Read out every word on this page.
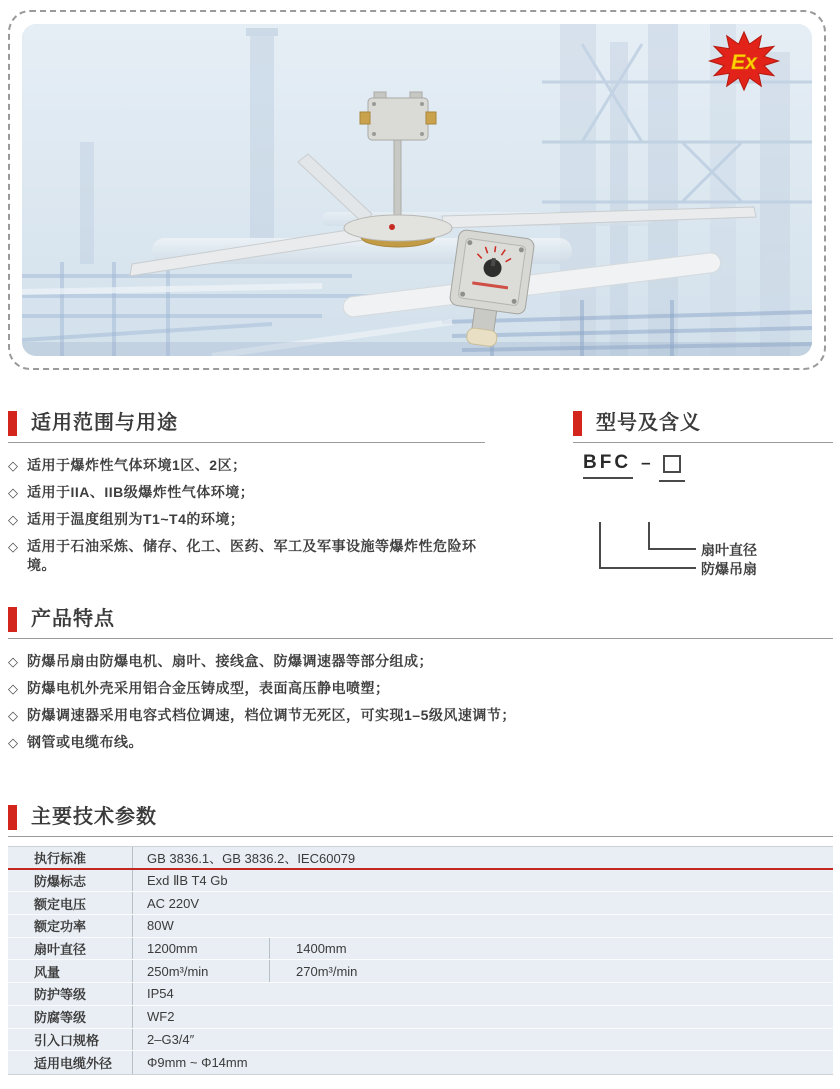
Ex
适用范围与用途
◇ 适用于爆炸性气体环境1区、2区；
◇ 适用于IIA、IIB级爆炸性气体环境；
◇ 适用于温度组别为T1~T4的环境；
◇ 适用于石油采炼、储存、化工、医药、军工及军事设施等爆炸性危险环境。
型号及含义
BFC –
扇叶直径
防爆吊扇
产品特点
◇ 防爆吊扇由防爆电机、扇叶、接线盒、防爆调速器等部分组成；
◇ 防爆电机外壳采用铝合金压铸成型，表面高压静电喷塑；
◇ 防爆调速器采用电容式档位调速，档位调节无死区，可实现1–5级风速调节；
◇ 钢管或电缆布线。
主要技术参数
执行标准	GB 3836.1、GB 3836.2、IEC60079
防爆标志	Exd ⅡB T4 Gb
额定电压	AC 220V
额定功率	80W
扇叶直径	1200mm	1400mm
风量	250m³/min	270m³/min
防护等级	IP54
防腐等级	WF2
引入口规格	2–G3/4″
适用电缆外径	Φ9mm ~ Φ14mm
